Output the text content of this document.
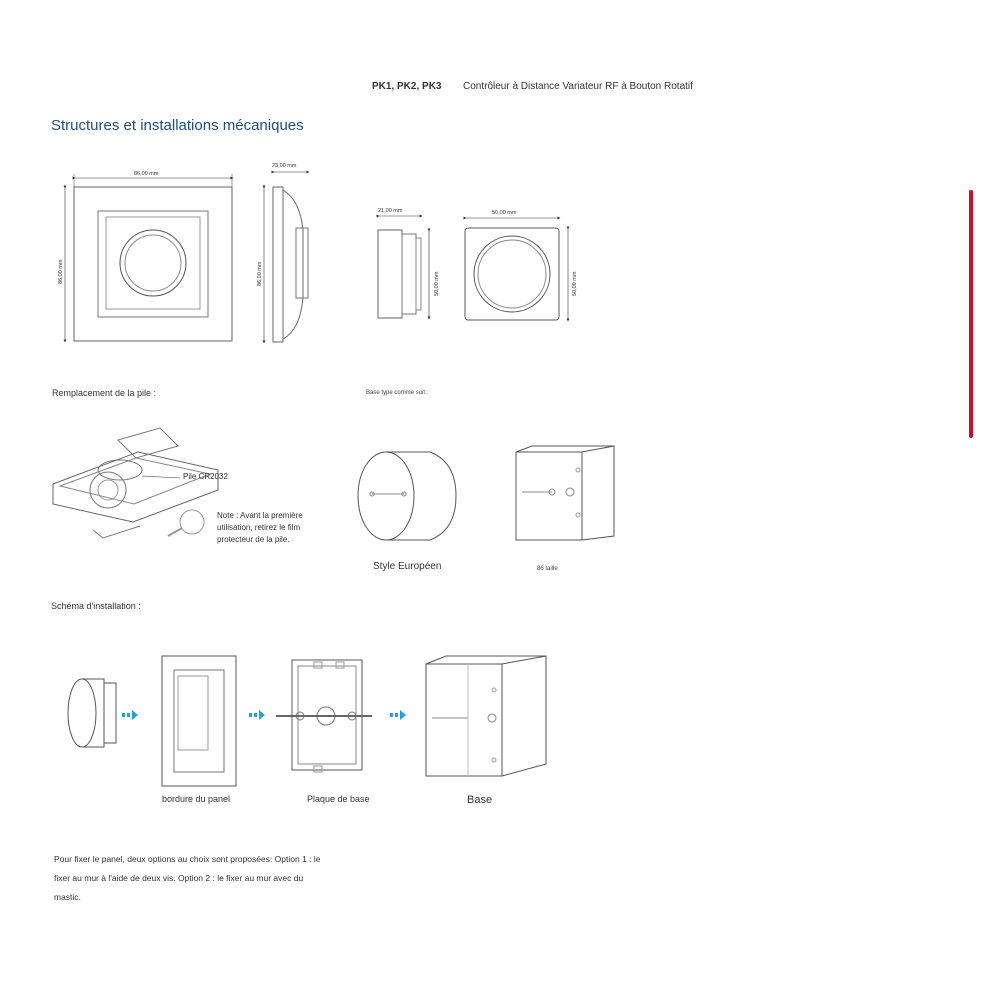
PK1, PK2, PK3 Contrôleur à Distance Variateur RF à Bouton Rotatif
Structures et installations mécaniques
86,00 mm
86,00 mm
23,00 mm
86,00 mm
21,00 mm
50,00 mm
50,00 mm
50,00 mm
Remplacement de la pile :
Pile CR2032
Note : Avant la première utilisation, retirez le film protecteur de la pile.
Base type comme suit :
Style Européen	86 taille
Schéma d'installation :
bordure du panel	Plaque de base	Base
Pour fixer le panel, deux options au choix sont proposées: Option 1 : le fixer au mur à l'aide de deux vis. Option 2 : le fixer au mur avec du mastic.
